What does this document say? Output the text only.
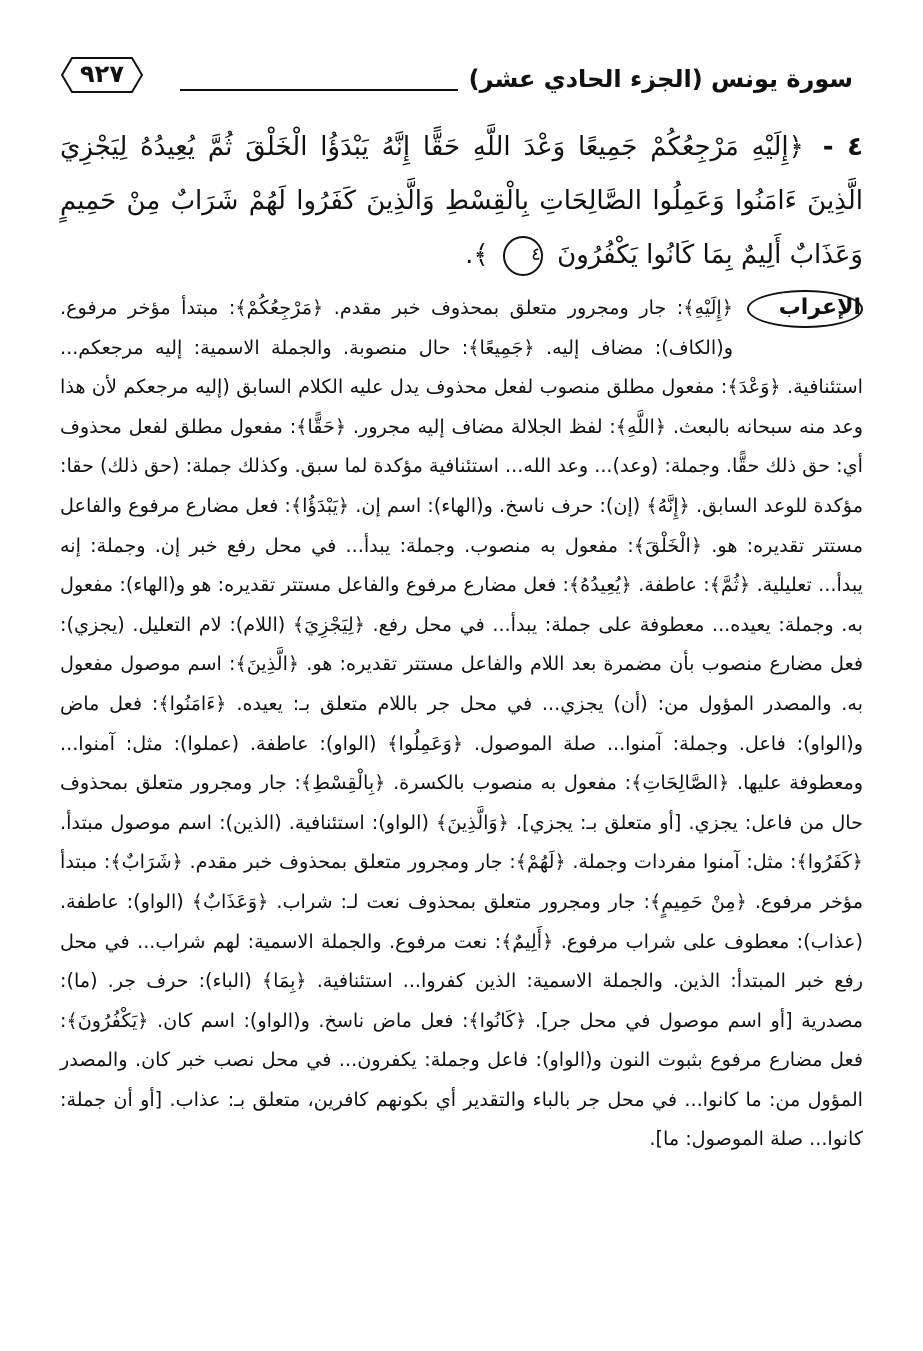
سورة يونس (الجزء الحادي عشر)
٩٢٧
٤ - ﴿إِلَيْهِ مَرْجِعُكُمْ جَمِيعًا وَعْدَ اللَّهِ حَقًّا إِنَّهُ يَبْدَؤُا الْخَلْقَ ثُمَّ يُعِيدُهُ لِيَجْزِيَ الَّذِينَ ءَامَنُوا وَعَمِلُوا الصَّالِحَاتِ بِالْقِسْطِ وَالَّذِينَ كَفَرُوا لَهُمْ شَرَابٌ مِنْ حَمِيمٍ وَعَذَابٌ أَلِيمٌ بِمَا كَانُوا يَكْفُرُونَ ٤ ﴾.
الإعراب
﴿إِلَيْهِ﴾: جار ومجرور متعلق بمحذوف خبر مقدم. ﴿مَرْجِعُكُمْ﴾: مبتدأ مؤخر مرفوع. و(الكاف): مضاف إليه. ﴿جَمِيعًا﴾: حال منصوبة. والجملة الاسمية: إليه مرجعكم... استئنافية. ﴿وَعْدَ﴾: مفعول مطلق منصوب لفعل محذوف يدل عليه الكلام السابق (إليه مرجعكم لأن هذا وعد منه سبحانه بالبعث. ﴿اللَّهِ﴾: لفظ الجلالة مضاف إليه مجرور. ﴿حَقًّا﴾: مفعول مطلق لفعل محذوف أي: حق ذلك حقًّا. وجملة: (وعد)... وعد الله... استئنافية مؤكدة لما سبق. وكذلك جملة: (حق ذلك) حقا: مؤكدة للوعد السابق. ﴿إِنَّهُ﴾ (إن): حرف ناسخ. و(الهاء): اسم إن. ﴿يَبْدَؤُا﴾: فعل مضارع مرفوع والفاعل مستتر تقديره: هو. ﴿الْخَلْقَ﴾: مفعول به منصوب. وجملة: يبدأ... في محل رفع خبر إن. وجملة: إنه يبدأ... تعليلية. ﴿ثُمَّ﴾: عاطفة. ﴿يُعِيدُهُ﴾: فعل مضارع مرفوع والفاعل مستتر تقديره: هو و(الهاء): مفعول به. وجملة: يعيده... معطوفة على جملة: يبدأ... في محل رفع. ﴿لِيَجْزِيَ﴾ (اللام): لام التعليل. (يجزي): فعل مضارع منصوب بأن مضمرة بعد اللام والفاعل مستتر تقديره: هو. ﴿الَّذِينَ﴾: اسم موصول مفعول به. والمصدر المؤول من: (أن) يجزي... في محل جر باللام متعلق بـ: يعيده. ﴿ءَامَنُوا﴾: فعل ماض و(الواو): فاعل. وجملة: آمنوا... صلة الموصول. ﴿وَعَمِلُوا﴾ (الواو): عاطفة. (عملوا): مثل: آمنوا... ومعطوفة عليها. ﴿الصَّالِحَاتِ﴾: مفعول به منصوب بالكسرة. ﴿بِالْقِسْطِ﴾: جار ومجرور متعلق بمحذوف حال من فاعل: يجزي. [أو متعلق بـ: يجزي]. ﴿وَالَّذِينَ﴾ (الواو): استئنافية. (الذين): اسم موصول مبتدأ. ﴿كَفَرُوا﴾: مثل: آمنوا مفردات وجملة. ﴿لَهُمْ﴾: جار ومجرور متعلق بمحذوف خبر مقدم. ﴿شَرَابٌ﴾: مبتدأ مؤخر مرفوع. ﴿مِنْ حَمِيمٍ﴾: جار ومجرور متعلق بمحذوف نعت لـ: شراب. ﴿وَعَذَابٌ﴾ (الواو): عاطفة. (عذاب): معطوف على شراب مرفوع. ﴿أَلِيمٌ﴾: نعت مرفوع. والجملة الاسمية: لهم شراب... في محل رفع خبر المبتدأ: الذين. والجملة الاسمية: الذين كفروا... استئنافية. ﴿بِمَا﴾ (الباء): حرف جر. (ما): مصدرية [أو اسم موصول في محل جر]. ﴿كَانُوا﴾: فعل ماض ناسخ. و(الواو): اسم كان. ﴿يَكْفُرُونَ﴾: فعل مضارع مرفوع بثبوت النون و(الواو): فاعل وجملة: يكفرون... في محل نصب خبر كان. والمصدر المؤول من: ما كانوا... في محل جر بالباء والتقدير أي بكونهم كافرين، متعلق بـ: عذاب. [أو أن جملة: كانوا... صلة الموصول: ما].
